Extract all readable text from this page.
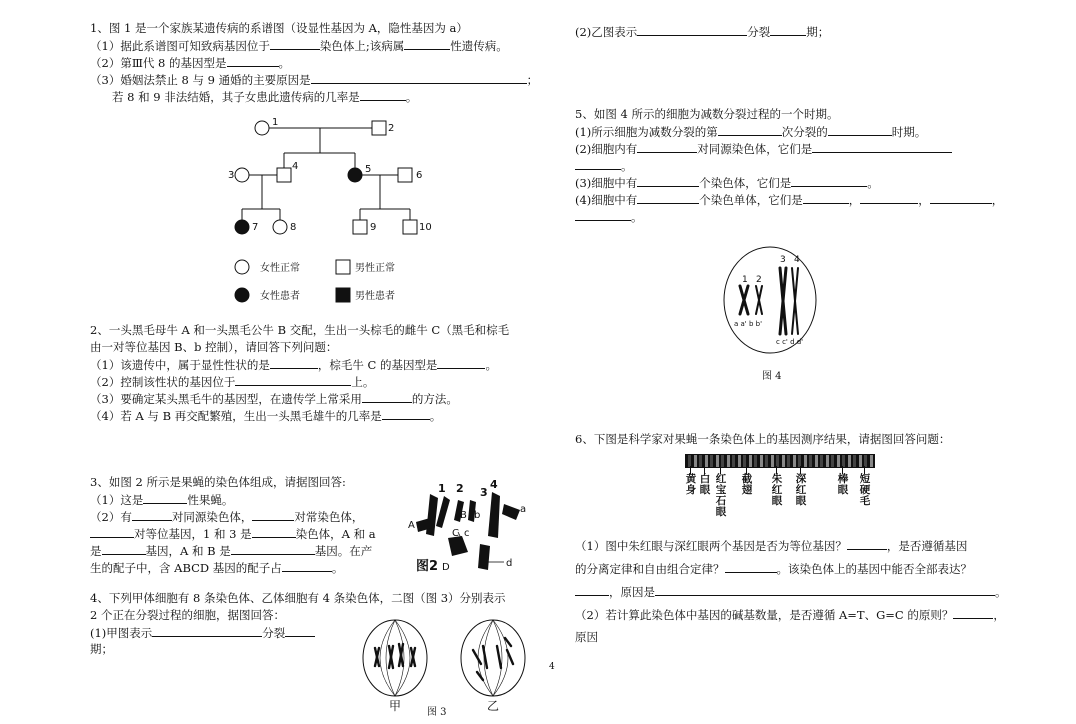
1、图 1 是一个家族某遗传病的系谱图（设显性基因为 A，隐性基因为 a）
（1）据此系谱图可知致病基因位于	染色体上;该病属	性遗传病。
（2）第Ⅲ代 8 的基因型是	。
（3）婚姻法禁止 8 与 9 通婚的主要原因是	；
若 8 和 9 非法结婚，其子女患此遗传病的几率是	。
1
2
3
4	5
6
7	8	9	10
女性正常	男性正常
女性患者	男性患者
2、一头黑毛母牛 A 和一头黑毛公牛 B 交配，生出一头棕毛的雌牛 C（黑毛和棕毛
由一对等位基因 B、b 控制），请回答下列问题：
（1）该遗传中，属于显性性状的是	，棕毛牛 C 的基因型是	。
（2）控制该性状的基因位于	上。
（3）要确定某头黑毛牛的基因型，在遗传学上常采用	的方法。
（4）若 A 与 B 再交配繁殖，生出一头黑毛雄牛的几率是	。
3、如图 2 所示是果蝇的染色体组成，请据图回答:
（1）这是	性果蝇。
（2）有	对同源染色体，	对常染色体，
对等位基因，1 和 3 是	染色体，A 和 a
是	基因，A 和 B 是	基因。在产
生的配子中，含 ABCD 基因的配子占	。
1 2 3
4
A
a
B b
C c
D	d
图2
4、下列甲体细胞有 8 条染色体、乙体细胞有 4 条染色体，二图（图 3）分别表示
2 个正在分裂过程的细胞，据图回答：
(1)甲图表示	分裂
期；
甲	乙
图 3
4
(2)乙图表示	分裂	期；
5、如图 4 所示的细胞为减数分裂过程的一个时期。
(1)所示细胞为减数分裂的第	次分裂的	时期。
(2)细胞内有	对同源染色体，它们是
。
(3)细胞中有	个染色体，它们是	。
(4)细胞中有	个染色单体，它们是	，	，	，
。
1 2
3 4
a a' b b'
c c' d d'
图 4
6、下图是科学家对果蝇一条染色体上的基因测序结果，请据图回答问题：
黄身
白眼
红宝石眼
截翅
朱红眼
深红眼
棒眼
短硬毛
（1）图中朱红眼与深红眼两个基因是否为等位基因？	，是否遵循基因
的分离定律和自由组合定律？	。该染色体上的基因中能否全部表达？
，原因是	。
（2）若计算此染色体中基因的碱基数量，是否遵循 A=T、G=C 的原则？	，
原因
